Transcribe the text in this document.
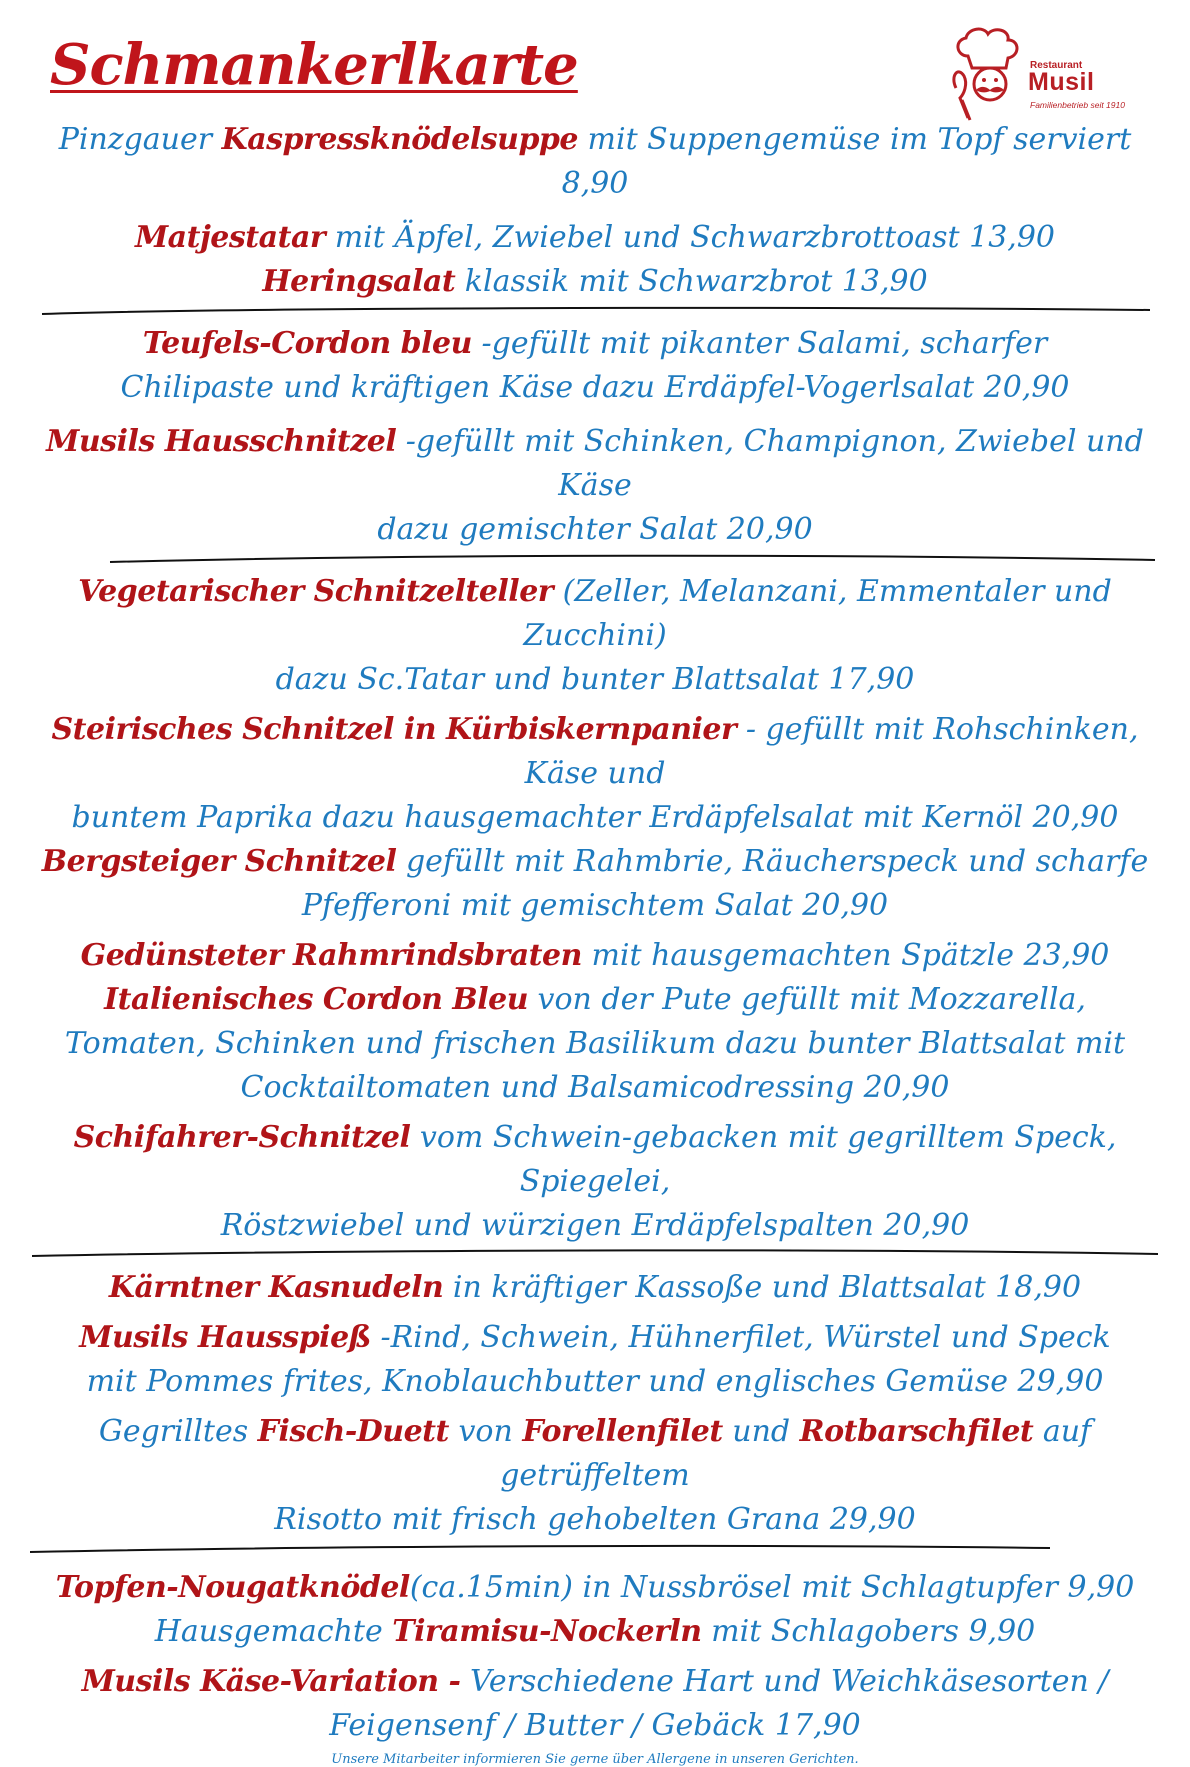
Schmankerlkarte	Restaurant
Musil
Familienbetrieb seit 1910
Pinzgauer Kaspressknödelsuppe mit Suppengemüse im Topf serviert 8,90
Matjestatar mit Äpfel, Zwiebel und Schwarzbrottoast 13,90
Heringsalat klassik mit Schwarzbrot 13,90
Teufels-Cordon bleu -gefüllt mit pikanter Salami, scharfer
Chilipaste und kräftigen Käse dazu Erdäpfel-Vogerlsalat 20,90
Musils Hausschnitzel -gefüllt mit Schinken, Champignon, Zwiebel und Käse
dazu gemischter Salat 20,90
Vegetarischer Schnitzelteller (Zeller, Melanzani, Emmentaler und Zucchini)
dazu Sc.Tatar und bunter Blattsalat 17,90
Steirisches Schnitzel in Kürbiskernpanier - gefüllt mit Rohschinken, Käse und
buntem Paprika dazu hausgemachter Erdäpfelsalat mit Kernöl 20,90
Bergsteiger Schnitzel gefüllt mit Rahmbrie, Räucherspeck und scharfe
Pfefferoni mit gemischtem Salat 20,90
Gedünsteter Rahmrindsbraten mit hausgemachten Spätzle 23,90
Italienisches Cordon Bleu von der Pute gefüllt mit Mozzarella,
Tomaten, Schinken und frischen Basilikum dazu bunter Blattsalat mit
Cocktailtomaten und Balsamicodressing 20,90
Schifahrer-Schnitzel vom Schwein-gebacken mit gegrilltem Speck, Spiegelei,
Röstzwiebel und würzigen Erdäpfelspalten 20,90
Kärntner Kasnudeln in kräftiger Kassoße und Blattsalat 18,90
Musils Hausspieß -Rind, Schwein, Hühnerfilet, Würstel und Speck
mit Pommes frites, Knoblauchbutter und englisches Gemüse 29,90
Gegrilltes Fisch-Duett von Forellenfilet und Rotbarschfilet auf getrüffeltem
Risotto mit frisch gehobelten Grana 29,90
Topfen-Nougatknödel(ca.15min) in Nussbrösel mit Schlagtupfer 9,90
Hausgemachte Tiramisu-Nockerln mit Schlagobers 9,90
Musils Käse-Variation - Verschiedene Hart und Weichkäsesorten /
Feigensenf / Butter / Gebäck 17,90
Unsere Mitarbeiter informieren Sie gerne über Allergene in unseren Gerichten.
